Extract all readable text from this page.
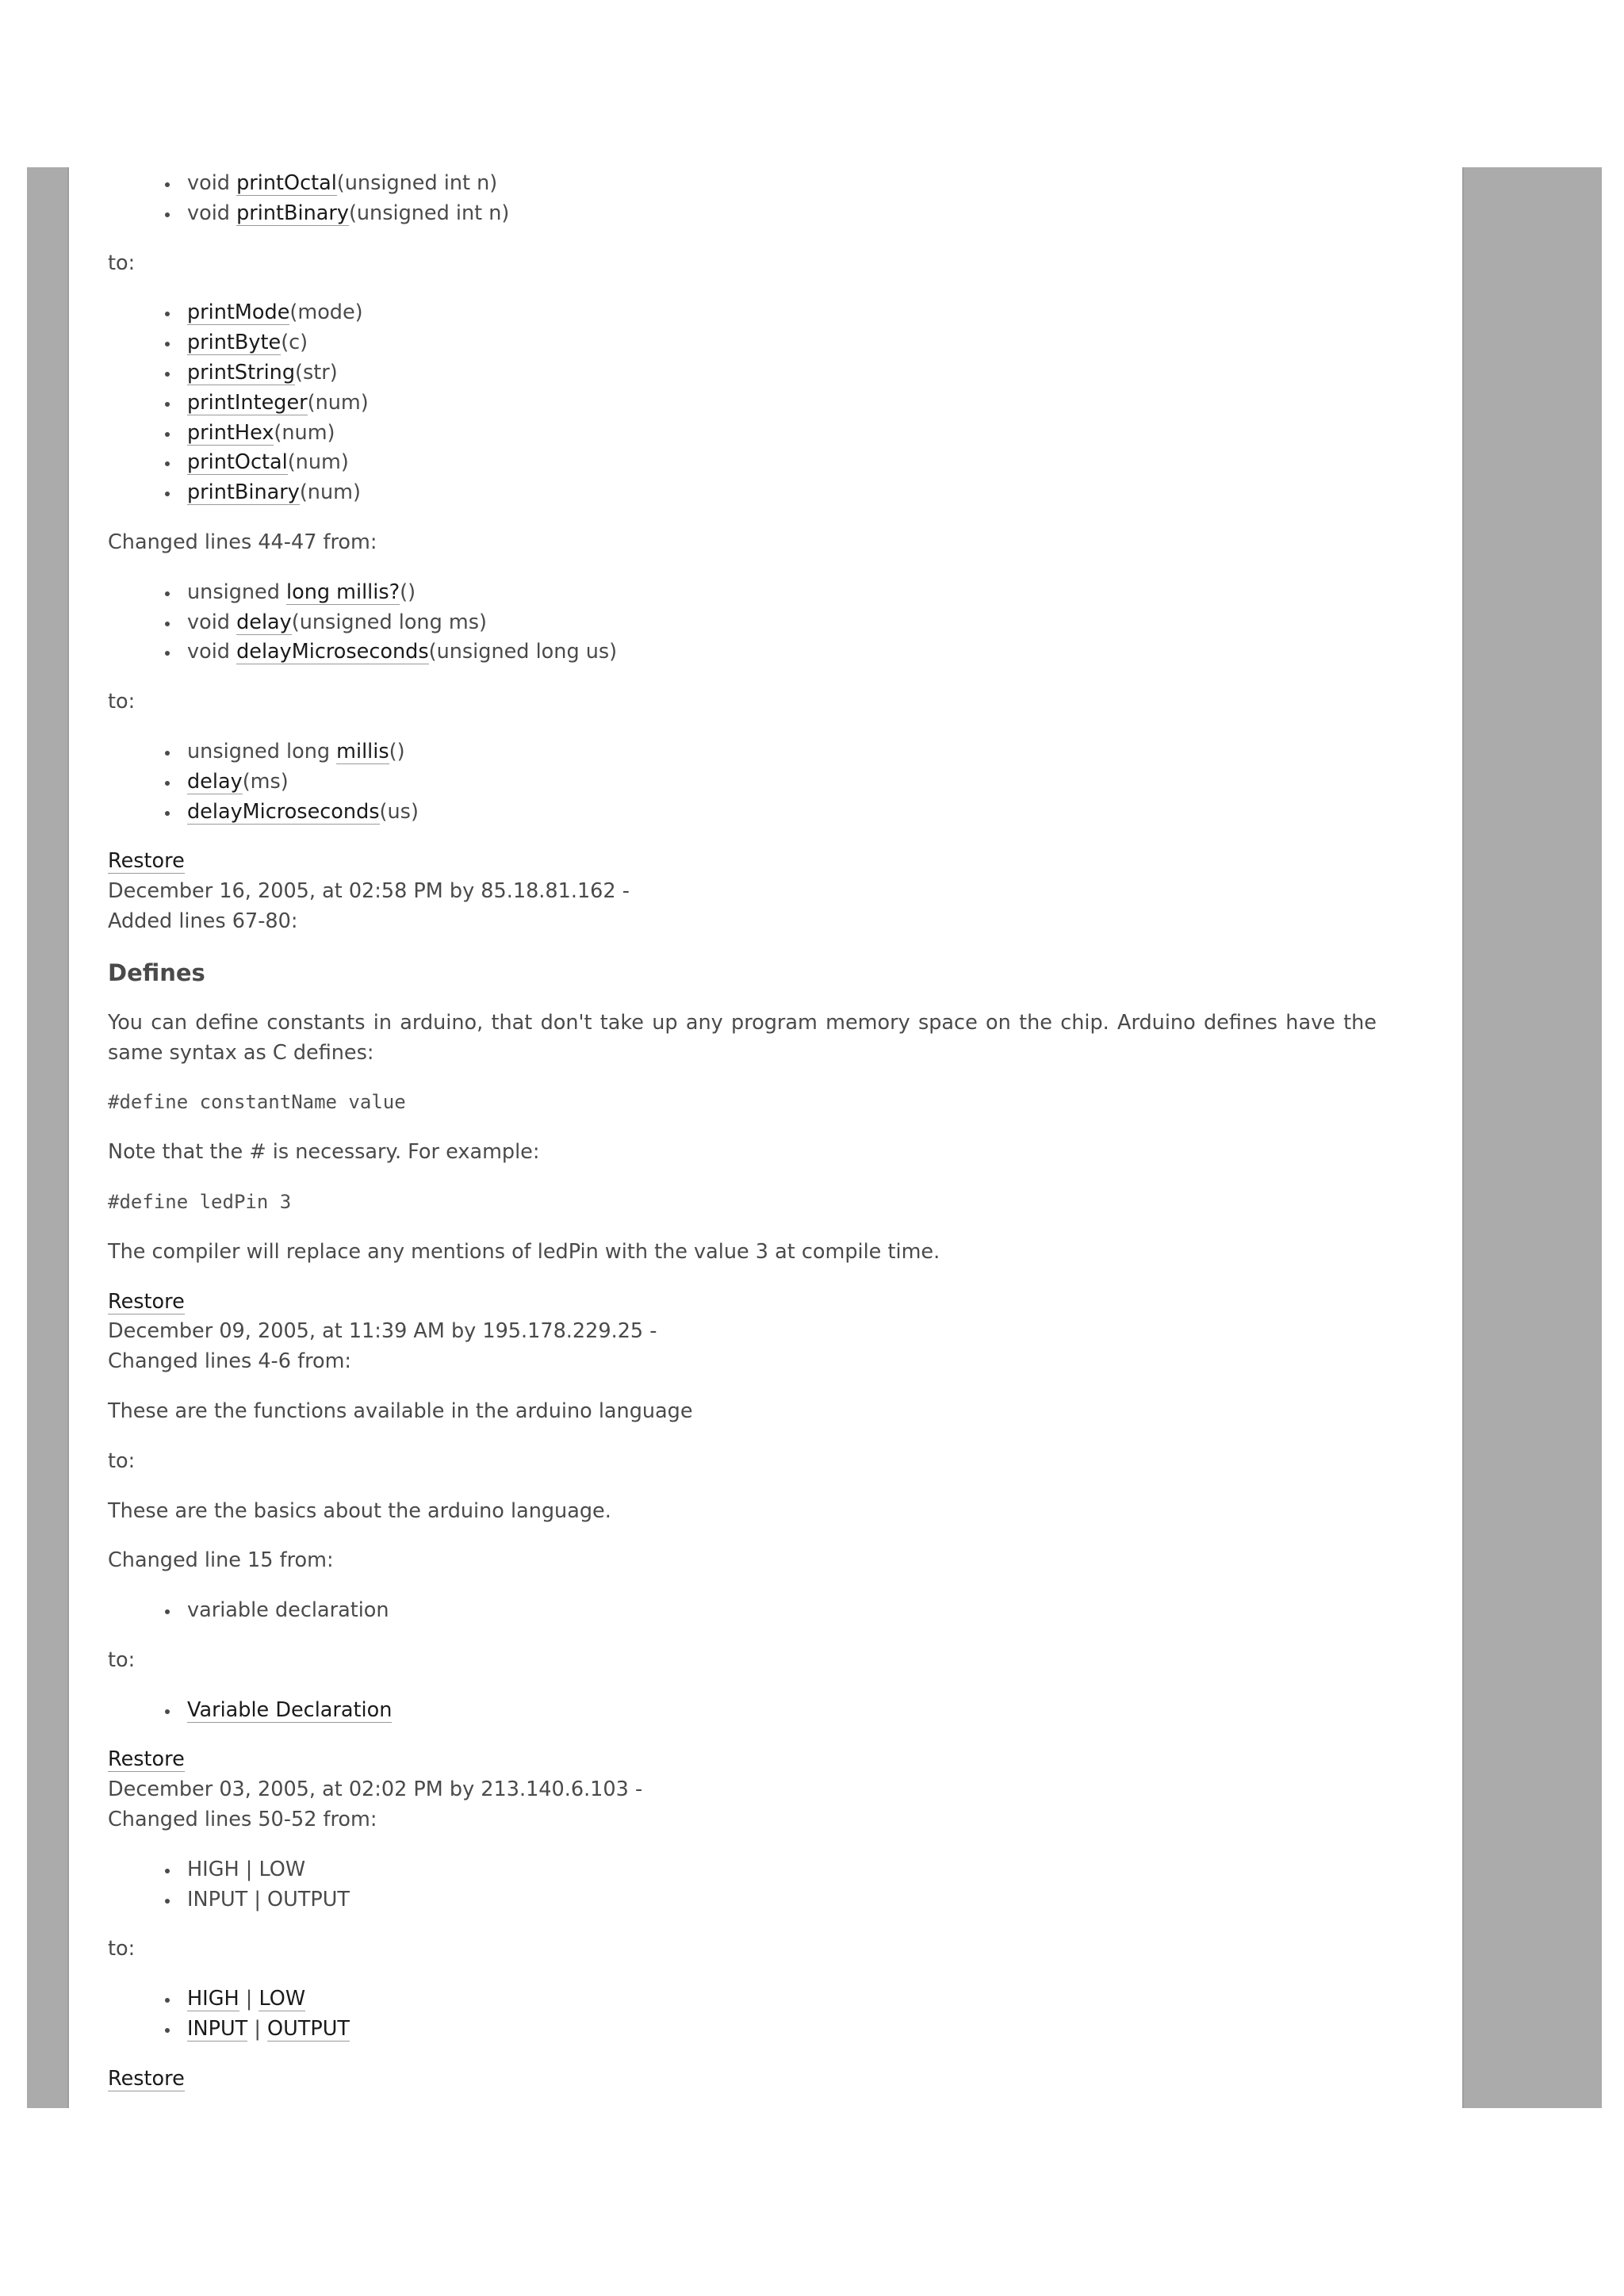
void printOctal(unsigned int n)
void printBinary(unsigned int n)

to:

printMode(mode)
printByte(c)
printString(str)
printInteger(num)
printHex(num)
printOctal(num)
printBinary(num)

Changed lines 44-47 from:

unsigned long millis?()
void delay(unsigned long ms)
void delayMicroseconds(unsigned long us)

to:

unsigned long millis()
delay(ms)
delayMicroseconds(us)

Restore

December 16, 2005, at 02:58 PM by 85.18.81.162 -

Added lines 67-80:

Defines

You can define constants in arduino, that don't take up any program memory space on the chip. Arduino defines have the same syntax as C defines:

#define constantName value

Note that the # is necessary. For example:

#define ledPin 3

The compiler will replace any mentions of ledPin with the value 3 at compile time.

Restore

December 09, 2005, at 11:39 AM by 195.178.229.25 -

Changed lines 4-6 from:

These are the functions available in the arduino language

to:

These are the basics about the arduino language.

Changed line 15 from:

variable declaration

to:

Variable Declaration

Restore

December 03, 2005, at 02:02 PM by 213.140.6.103 -

Changed lines 50-52 from:

HIGH | LOW
INPUT | OUTPUT

to:

HIGH | LOW
INPUT | OUTPUT

Restore
